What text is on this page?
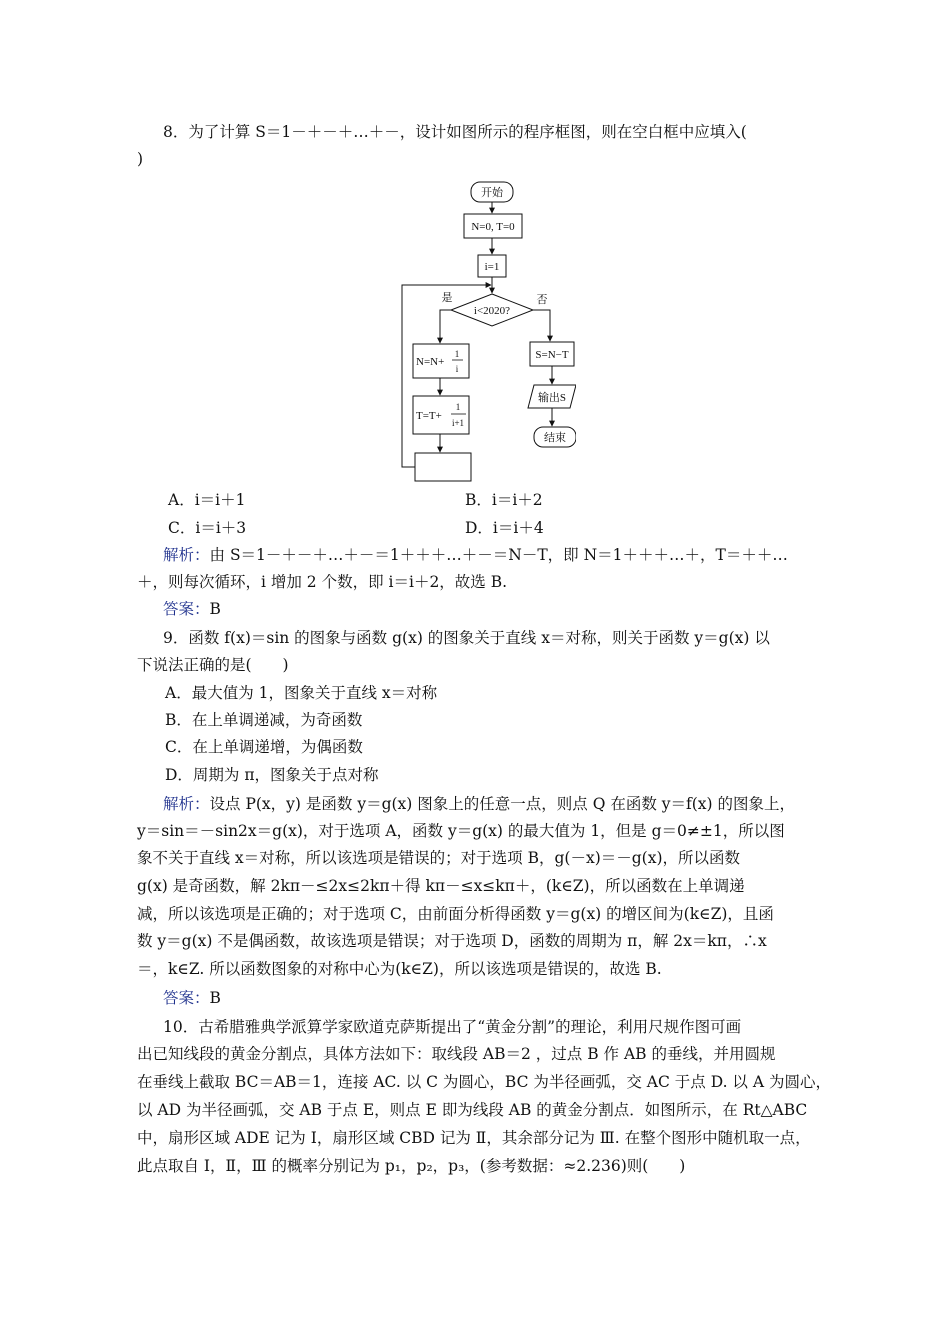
8．为了计算 S＝1－＋－＋…＋－，设计如图所示的程序框图，则在空白框中应填入(
)
开始
N=0, T=0
i=1
i<2020?
是	否
N=N+
1
i
T=T+
1
i+1
S=N−T
输出S
结束
A．i＝i＋1	B．i＝i＋2
C．i＝i＋3	D．i＝i＋4
解析：由 S＝1－＋－＋…＋－＝1＋＋＋…＋－＝N－T，即 N＝1＋＋＋…＋，T＝＋＋…
＋，则每次循环，i 增加 2 个数，即 i＝i＋2，故选 B.
答案：B
9．函数 f(x)＝sin 的图象与函数 g(x) 的图象关于直线 x＝对称，则关于函数 y＝g(x) 以
下说法正确的是(　　)
A．最大值为 1，图象关于直线 x＝对称
B．在上单调递减，为奇函数
C．在上单调递增，为偶函数
D．周期为 π，图象关于点对称
解析：设点 P(x，y) 是函数 y＝g(x) 图象上的任意一点，则点 Q 在函数 y＝f(x) 的图象上，
y＝sin＝－sin2x＝g(x)，对于选项 A，函数 y＝g(x) 的最大值为 1，但是 g＝0≠±1，所以图
象不关于直线 x＝对称，所以该选项是错误的；对于选项 B，g(－x)＝－g(x)，所以函数
g(x) 是奇函数，解 2kπ－≤2x≤2kπ＋得 kπ－≤x≤kπ＋，(k∈Z)，所以函数在上单调递
减，所以该选项是正确的；对于选项 C，由前面分析得函数 y＝g(x) 的增区间为(k∈Z)，且函
数 y＝g(x) 不是偶函数，故该选项是错误；对于选项 D，函数的周期为 π，解 2x＝kπ，∴x
＝，k∈Z. 所以函数图象的对称中心为(k∈Z)，所以该选项是错误的，故选 B.
答案：B
10．古希腊雅典学派算学家欧道克萨斯提出了“黄金分割”的理论，利用尺规作图可画
出已知线段的黄金分割点，具体方法如下：取线段 AB＝2 ，过点 B 作 AB 的垂线，并用圆规
在垂线上截取 BC＝AB＝1，连接 AC. 以 C 为圆心，BC 为半径画弧，交 AC 于点 D. 以 A 为圆心，
以 AD 为半径画弧，交 AB 于点 E，则点 E 即为线段 AB 的黄金分割点．如图所示，在 Rt△ABC
中，扇形区域 ADE 记为 Ⅰ，扇形区域 CBD 记为 Ⅱ，其余部分记为 Ⅲ. 在整个图形中随机取一点，
此点取自 Ⅰ，Ⅱ，Ⅲ 的概率分别记为 p₁，p₂，p₃，(参考数据：≈2.236)则(　　)
